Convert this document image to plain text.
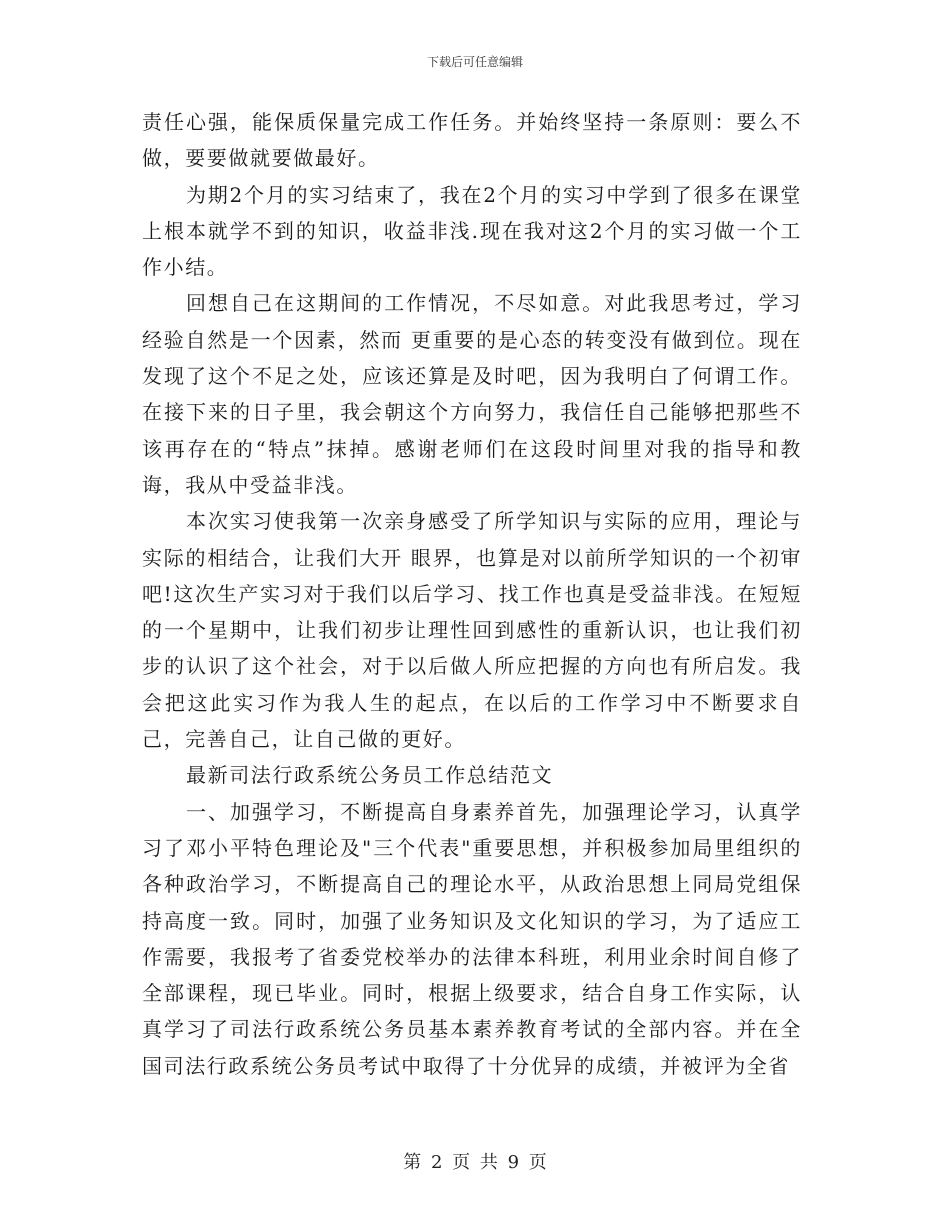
下载后可任意编辑

责任心强，能保质保量完成工作任务。并始终坚持一条原则：要么不做，要要做就要做最好。

为期2个月的实习结束了，我在2个月的实习中学到了很多在课堂上根本就学不到的知识，收益非浅.现在我对这2个月的实习做一个工作小结。

回想自己在这期间的工作情况，不尽如意。对此我思考过，学习经验自然是一个因素，然而 更重要的是心态的转变没有做到位。现在发现了这个不足之处，应该还算是及时吧，因为我明白了何谓工作。在接下来的日子里，我会朝这个方向努力，我信任自己能够把那些不该再存在的“特点”抹掉。感谢老师们在这段时间里对我的指导和教诲，我从中受益非浅。

本次实习使我第一次亲身感受了所学知识与实际的应用，理论与实际的相结合，让我们大开 眼界，也算是对以前所学知识的一个初审吧!这次生产实习对于我们以后学习、找工作也真是受益非浅。在短短的一个星期中，让我们初步让理性回到感性的重新认识，也让我们初步的认识了这个社会，对于以后做人所应把握的方向也有所启发。我会把这此实习作为我人生的起点，在以后的工作学习中不断要求自己，完善自己，让自己做的更好。

最新司法行政系统公务员工作总结范文

一、加强学习，不断提高自身素养首先，加强理论学习，认真学习了邓小平特色理论及"三个代表"重要思想，并积极参加局里组织的各种政治学习，不断提高自己的理论水平，从政治思想上同局党组保持高度一致。同时，加强了业务知识及文化知识的学习，为了适应工作需要，我报考了省委党校举办的法律本科班，利用业余时间自修了全部课程，现已毕业。同时，根据上级要求，结合自身工作实际，认真学习了司法行政系统公务员基本素养教育考试的全部内容。并在全国司法行政系统公务员考试中取得了十分优异的成绩，并被评为全省

第 2 页 共 9 页
